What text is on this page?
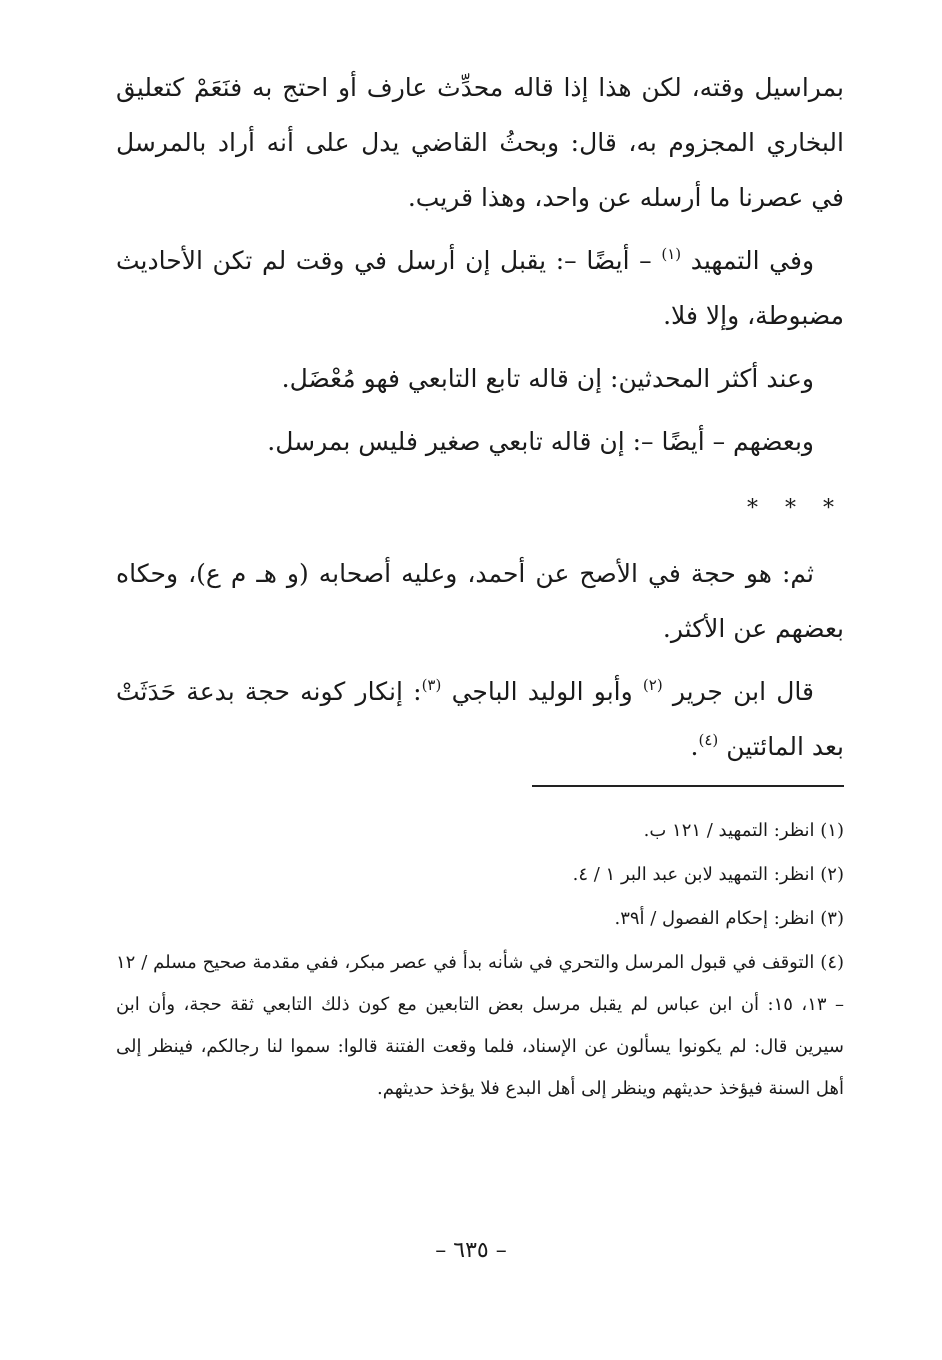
بمراسيل وقته، لكن هذا إذا قاله محدِّث عارف أو احتج به فنَعَمْ كتعليق البخاري المجزوم به، قال: وبحثُ القاضي يدل على أنه أراد بالمرسل في عصرنا ما أرسله عن واحد، وهذا قريب.

وفي التمهيد $^{(١)}$ – أيضًا –: يقبل إن أرسل في وقت لم تكن الأحاديث مضبوطة، وإلا فلا.

وعند أكثر المحدثين: إن قاله تابع التابعي فهو مُعْضَل.

وبعضهم – أيضًا –: إن قاله تابعي صغير فليس بمرسل.

* * *

ثم: هو حجة في الأصح عن أحمد، وعليه أصحابه (و هـ م ع)، وحكاه بعضهم عن الأكثر.

قال ابن جرير $^{(٢)}$ وأبو الوليد الباجي $^{(٣)}$: إنكار كونه حجة بدعة حَدَثَتْ بعد المائتين $^{(٤)}$.

(١) انظر: التمهيد / ١٢١ ب.

(٢) انظر: التمهيد لابن عبد البر ١ / ٤.

(٣) انظر: إحكام الفصول / أ٣٩.

(٤) التوقف في قبول المرسل والتحري في شأنه بدأ في عصر مبكر، ففي مقدمة صحيح مسلم / ١٢ – ١٣، ١٥: أن ابن عباس لم يقبل مرسل بعض التابعين مع كون ذلك التابعي ثقة حجة، وأن ابن سيرين قال: لم يكونوا يسألون عن الإسناد، فلما وقعت الفتنة قالوا: سموا لنا رجالكم، فينظر إلى أهل السنة فيؤخذ حديثهم وينظر إلى أهل البدع فلا يؤخذ حديثهم.

– ٦٣٥ –
